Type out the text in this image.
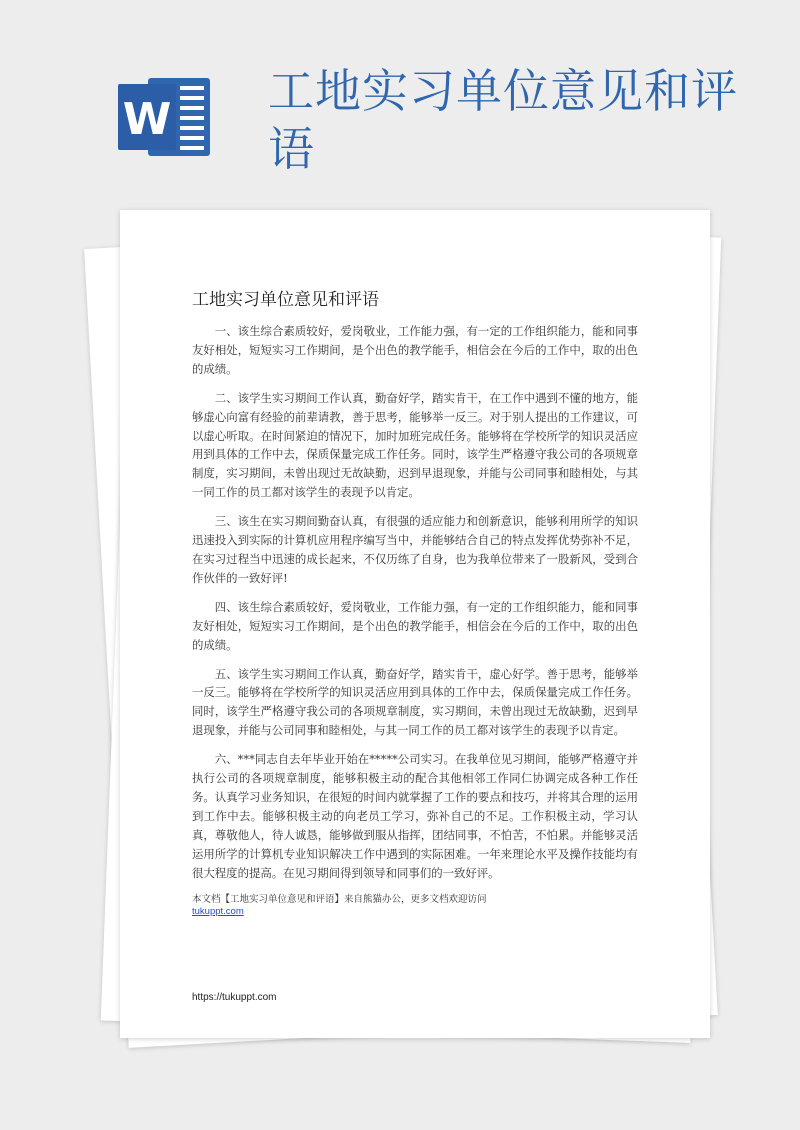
W
工地实习单位意见和评语
工地实习单位意见和评语

一、该生综合素质较好，爱岗敬业，工作能力强，有一定的工作组织能力，能和同事友好相处，短短实习工作期间，是个出色的教学能手，相信会在今后的工作中，取的出色的成绩。

二、该学生实习期间工作认真，勤奋好学，踏实肯干，在工作中遇到不懂的地方，能够虚心向富有经验的前辈请教，善于思考，能够举一反三。对于别人提出的工作建议，可以虚心听取。在时间紧迫的情况下，加时加班完成任务。能够将在学校所学的知识灵活应用到具体的工作中去，保质保量完成工作任务。同时，该学生严格遵守我公司的各项规章制度，实习期间，未曾出现过无故缺勤，迟到早退现象，并能与公司同事和睦相处，与其一同工作的员工都对该学生的表现予以肯定。

三、该生在实习期间勤奋认真，有很强的适应能力和创新意识，能够利用所学的知识迅速投入到实际的计算机应用程序编写当中，并能够结合自己的特点发挥优势弥补不足，在实习过程当中迅速的成长起来，不仅历练了自身，也为我单位带来了一股新风，受到合作伙伴的一致好评!

四、该生综合素质较好，爱岗敬业，工作能力强，有一定的工作组织能力，能和同事友好相处，短短实习工作期间，是个出色的教学能手，相信会在今后的工作中，取的出色的成绩。

五、该学生实习期间工作认真，勤奋好学，踏实肯干，虚心好学。善于思考，能够举一反三。能够将在学校所学的知识灵活应用到具体的工作中去，保质保量完成工作任务。同时，该学生严格遵守我公司的各项规章制度，实习期间，未曾出现过无故缺勤，迟到早退现象，并能与公司同事和睦相处，与其一同工作的员工都对该学生的表现予以肯定。

六、***同志自去年毕业开始在*****公司实习。在我单位见习期间，能够严格遵守并执行公司的各项规章制度，能够积极主动的配合其他相邻工作同仁协调完成各种工作任务。认真学习业务知识，在很短的时间内就掌握了工作的要点和技巧，并将其合理的运用到工作中去。能够积极主动的向老员工学习，弥补自己的不足。工作积极主动，学习认真，尊敬他人，待人诚恳，能够做到服从指挥，团结同事，不怕苦，不怕累。并能够灵活运用所学的计算机专业知识解决工作中遇到的实际困难。一年来理论水平及操作技能均有很大程度的提高。在见习期间得到领导和同事们的一致好评。

本文档【工地实习单位意见和评语】来自熊猫办公，更多文档欢迎访问
tukuppt.com
https://tukuppt.com
